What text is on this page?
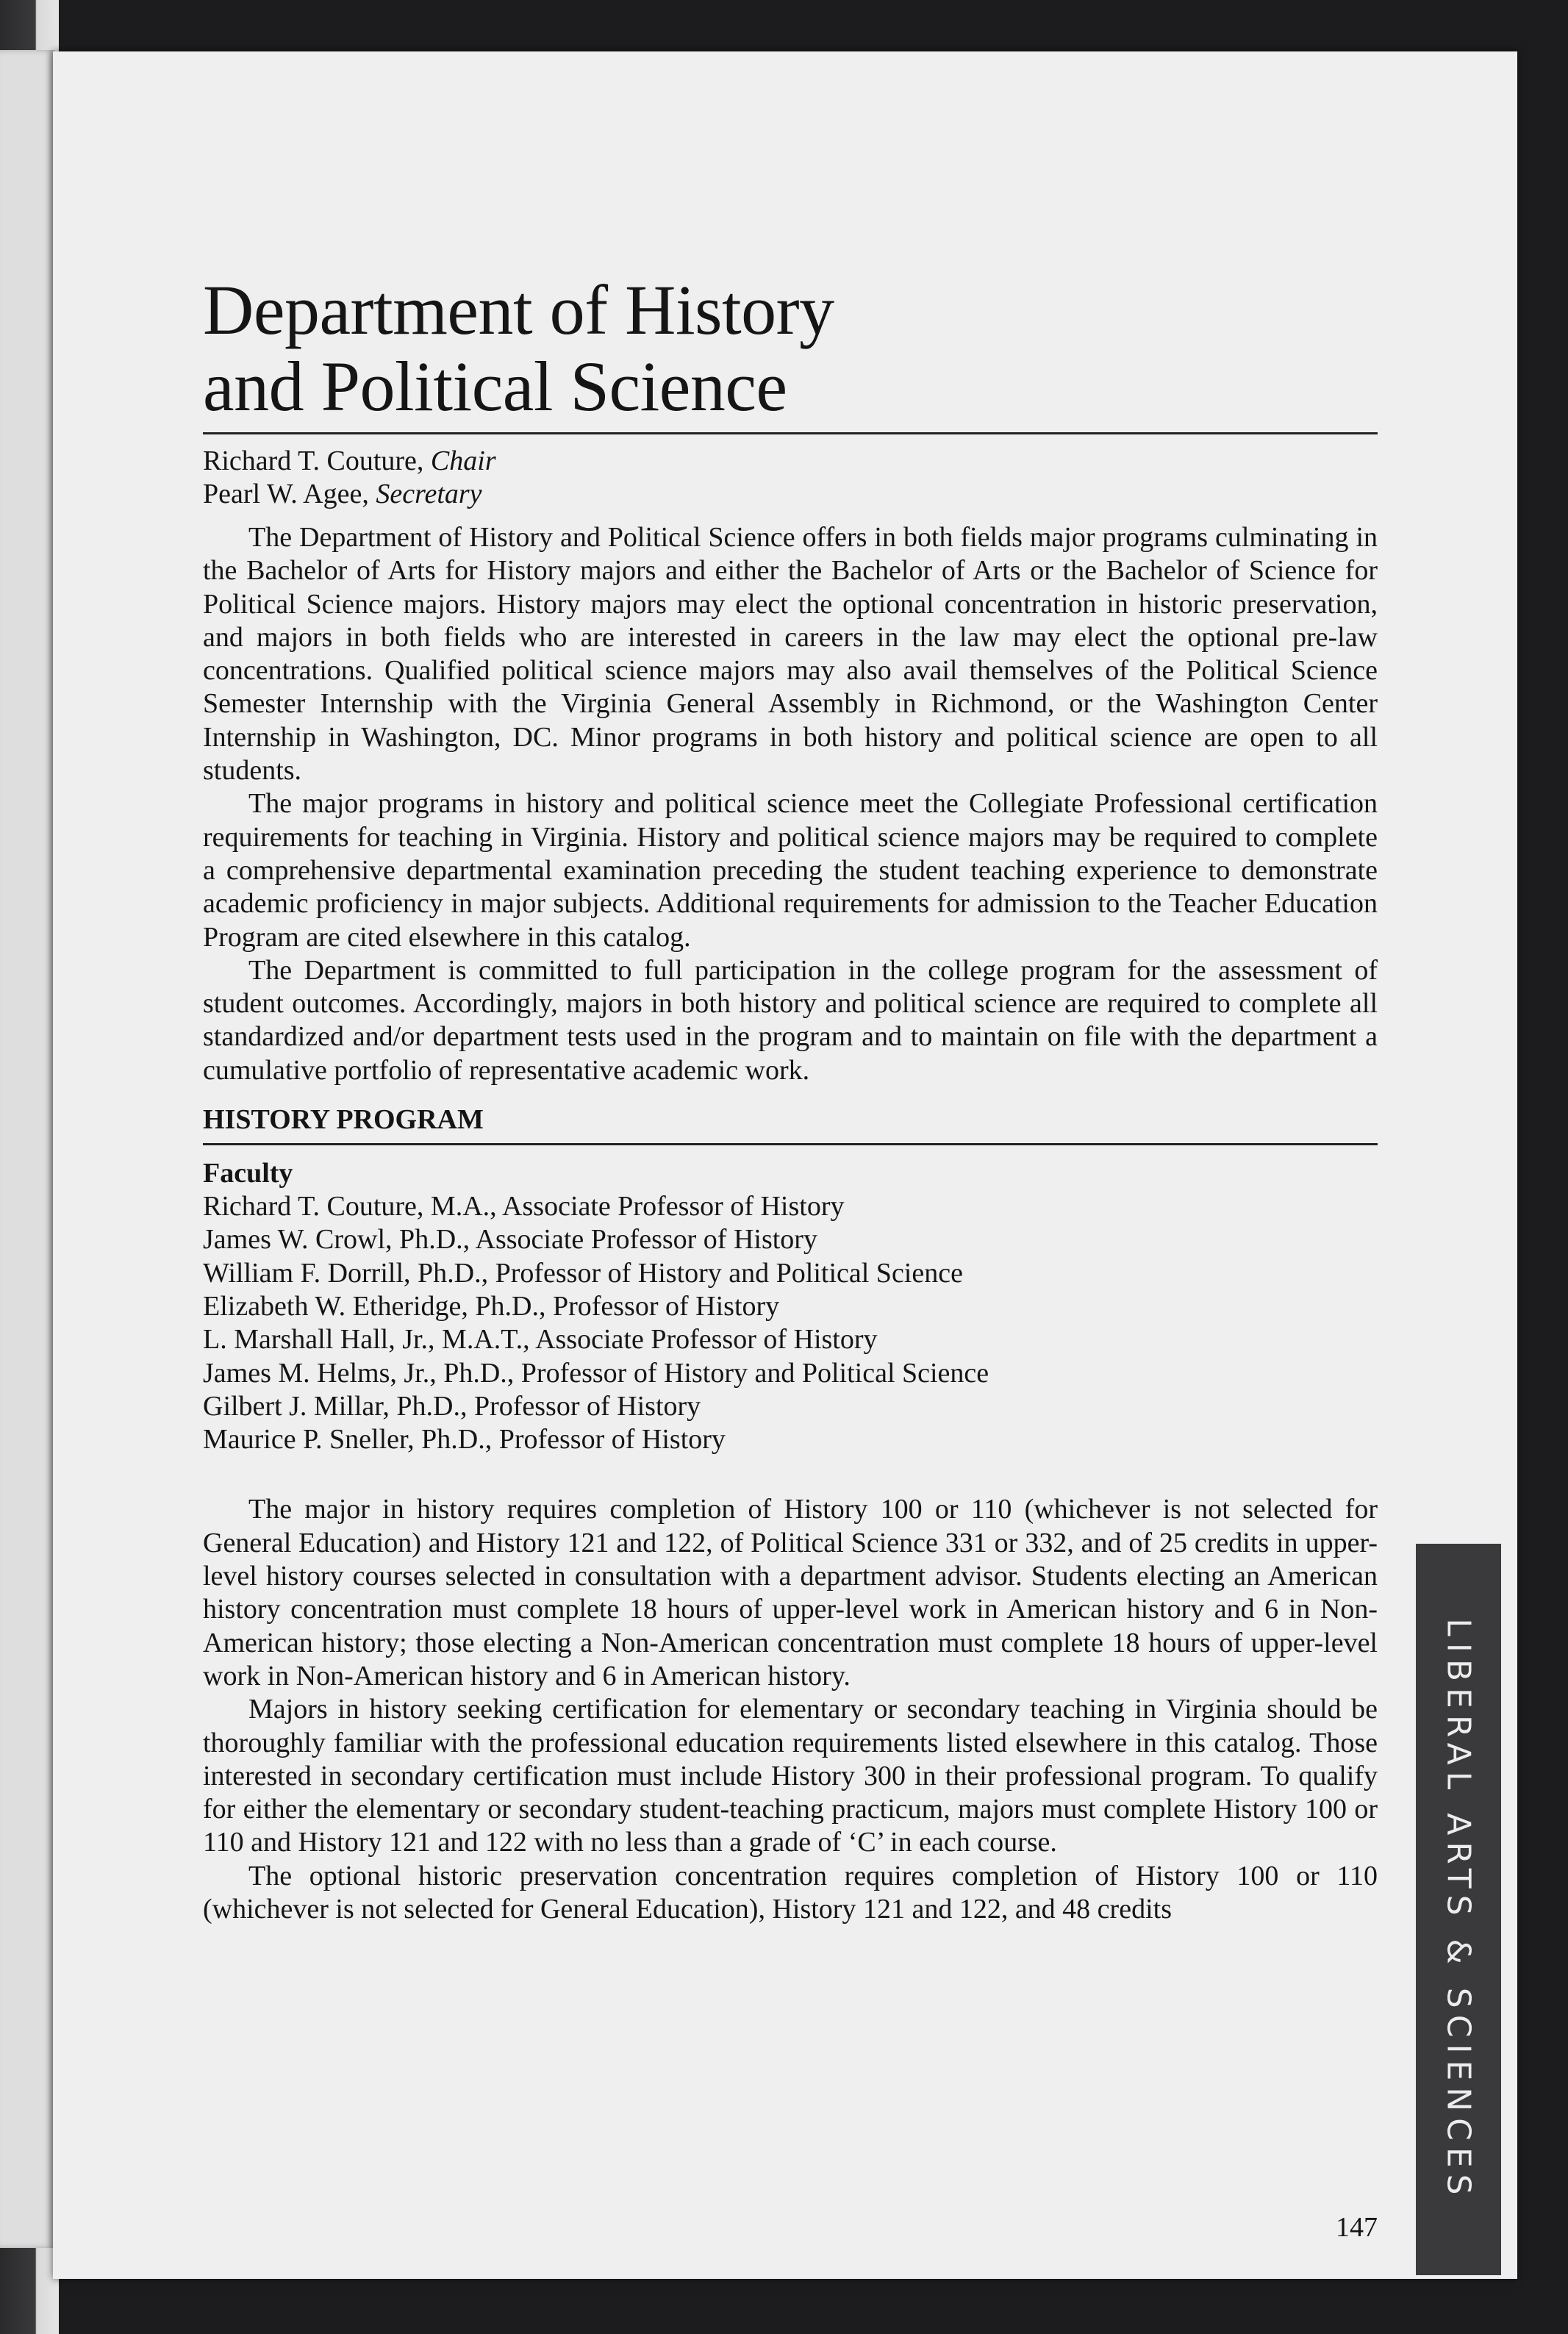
Department of History
and Political Science
Richard T. Couture, Chair
Pearl W. Agee, Secretary

The Department of History and Political Science offers in both fields major programs culminating in the Bachelor of Arts for History majors and either the Bachelor of Arts or the Bachelor of Science for Political Science majors. History majors may elect the optional concentration in historic preservation, and majors in both fields who are interested in careers in the law may elect the optional pre-law concentrations. Qualified political science majors may also avail themselves of the Political Science Semester Internship with the Virginia General Assembly in Richmond, or the Washington Center Internship in Washington, DC. Minor programs in both history and political science are open to all students.

The major programs in history and political science meet the Collegiate Professional certification requirements for teaching in Virginia. History and political science majors may be required to complete a comprehensive departmental examination preceding the student teaching experience to demonstrate academic proficiency in major subjects. Additional requirements for admission to the Teacher Education Program are cited elsewhere in this catalog.

The Department is committed to full participation in the college program for the assessment of student outcomes. Accordingly, majors in both history and political science are required to complete all standardized and/or department tests used in the program and to maintain on file with the department a cumulative portfolio of representative academic work.

HISTORY PROGRAM
Faculty
Richard T. Couture, M.A., Associate Professor of History
James W. Crowl, Ph.D., Associate Professor of History
William F. Dorrill, Ph.D., Professor of History and Political Science
Elizabeth W. Etheridge, Ph.D., Professor of History
L. Marshall Hall, Jr., M.A.T., Associate Professor of History
James M. Helms, Jr., Ph.D., Professor of History and Political Science
Gilbert J. Millar, Ph.D., Professor of History
Maurice P. Sneller, Ph.D., Professor of History

The major in history requires completion of History 100 or 110 (whichever is not selected for General Education) and History 121 and 122, of Political Science 331 or 332, and of 25 credits in upper-level history courses selected in consultation with a department advisor. Students electing an American history concentration must complete 18 hours of upper-level work in American history and 6 in Non-American history; those electing a Non-American concentration must complete 18 hours of upper-level work in Non-American history and 6 in American history.

Majors in history seeking certification for elementary or secondary teaching in Virginia should be thoroughly familiar with the professional education requirements listed elsewhere in this catalog. Those interested in secondary certification must include History 300 in their professional program. To qualify for either the elementary or secondary student-teaching practicum, majors must complete History 100 or 110 and History 121 and 122 with no less than a grade of ‘C’ in each course.

The optional historic preservation concentration requires completion of History 100 or 110 (whichever is not selected for General Education), History 121 and 122, and 48 credits

147
LIBERAL ARTS & SCIENCES
